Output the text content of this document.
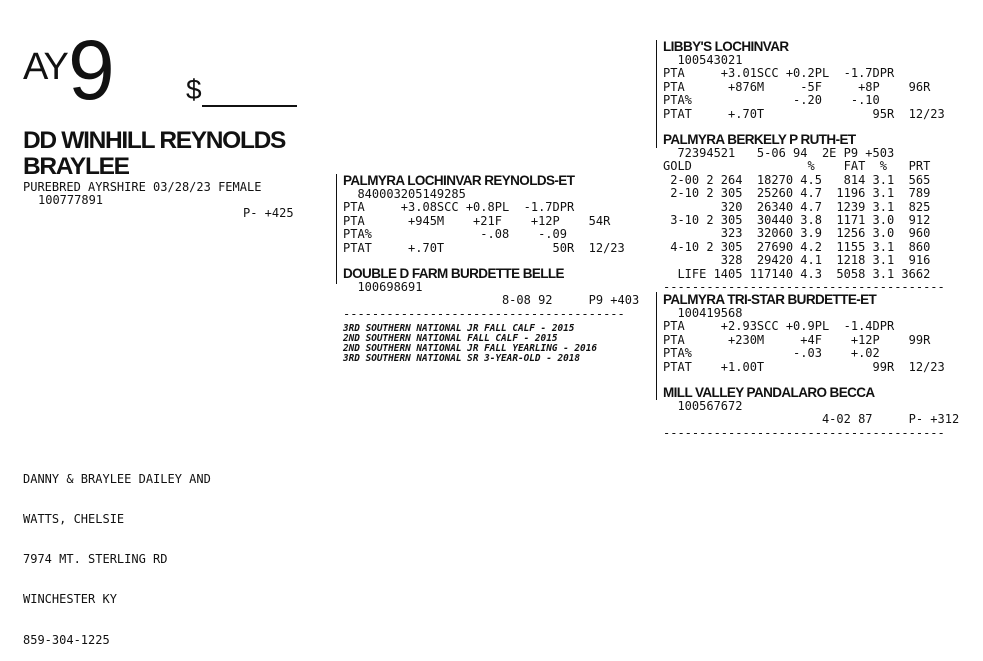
AY 9	$
DD WINHILL REYNOLDS
BRAYLEE
PUREBRED AYRSHIRE 03/28/23 FEMALE
100777891
P- +425

DANNY & BRAYLEE DAILEY AND

WATTS, CHELSIE

7974 MT. STERLING RD

WINCHESTER KY

859-304-1225

PALMYRA LOCHINVAR REYNOLDS-ET
840003205149285
PTA     +3.08SCC +0.8PL  -1.7DPR
PTA      +945M    +21F    +12P    54R
PTA%               -.08    -.09
PTAT     +.70T               50R  12/23
DOUBLE D FARM BURDETTE BELLE
100698691
8-08 92     P9 +403
---------------------------------------
3RD SOUTHERN NATIONAL JR FALL CALF - 2015
2ND SOUTHERN NATIONAL FALL CALF - 2015
2ND SOUTHERN NATIONAL JR FALL YEARLING - 2016
3RD SOUTHERN NATIONAL SR 3-YEAR-OLD - 2018
LIBBY'S LOCHINVAR
100543021
PTA     +3.01SCC +0.2PL  -1.7DPR
PTA      +876M     -5F     +8P    96R
PTA%              -.20    -.10
PTAT     +.70T               95R  12/23
PALMYRA BERKELY P RUTH-ET
72394521   5-06 94  2E P9 +503
GOLD                %    FAT  %   PRT
2-00 2 264  18270 4.5   814 3.1  565
2-10 2 305  25260 4.7  1196 3.1  789
320  26340 4.7  1239 3.1  825
3-10 2 305  30440 3.8  1171 3.0  912
323  32060 3.9  1256 3.0  960
4-10 2 305  27690 4.2  1155 3.1  860
328  29420 4.1  1218 3.1  916
LIFE 1405 117140 4.3  5058 3.1 3662
---------------------------------------
PALMYRA TRI-STAR BURDETTE-ET
100419568
PTA     +2.93SCC +0.9PL  -1.4DPR
PTA      +230M     +4F    +12P    99R
PTA%              -.03    +.02
PTAT    +1.00T               99R  12/23
MILL VALLEY PANDALARO BECCA
100567672
4-02 87     P- +312
---------------------------------------
